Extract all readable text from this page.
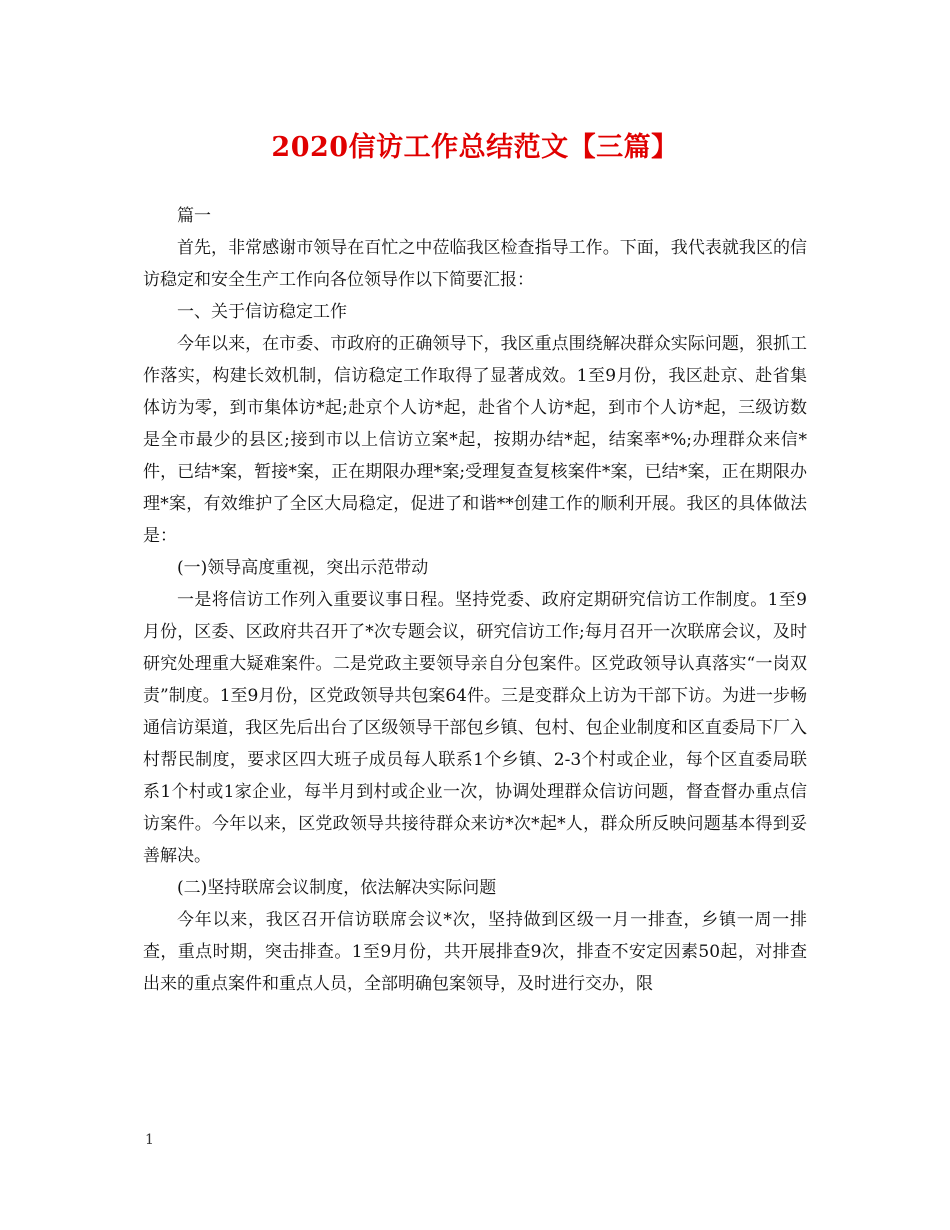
2020信访工作总结范文【三篇】

篇一

首先，非常感谢市领导在百忙之中莅临我区检查指导工作。下面，我代表就我区的信访稳定和安全生产工作向各位领导作以下简要汇报：

一、关于信访稳定工作

今年以来，在市委、市政府的正确领导下，我区重点围绕解决群众实际问题，狠抓工作落实，构建长效机制，信访稳定工作取得了显著成效。1至9月份，我区赴京、赴省集体访为零，到市集体访*起;赴京个人访*起，赴省个人访*起，到市个人访*起，三级访数是全市最少的县区;接到市以上信访立案*起，按期办结*起，结案率*%;办理群众来信*件，已结*案，暂接*案，正在期限办理*案;受理复查复核案件*案，已结*案，正在期限办理*案，有效维护了全区大局稳定，促进了和谐**创建工作的顺利开展。我区的具体做法是：

(一)领导高度重视，突出示范带动

一是将信访工作列入重要议事日程。坚持党委、政府定期研究信访工作制度。1至9月份，区委、区政府共召开了*次专题会议，研究信访工作;每月召开一次联席会议，及时研究处理重大疑难案件。二是党政主要领导亲自分包案件。区党政领导认真落实“一岗双责”制度。1至9月份，区党政领导共包案64件。三是变群众上访为干部下访。为进一步畅通信访渠道，我区先后出台了区级领导干部包乡镇、包村、包企业制度和区直委局下厂入村帮民制度，要求区四大班子成员每人联系1个乡镇、2-3个村或企业，每个区直委局联系1个村或1家企业，每半月到村或企业一次，协调处理群众信访问题，督查督办重点信访案件。今年以来，区党政领导共接待群众来访*次*起*人，群众所反映问题基本得到妥善解决。

(二)坚持联席会议制度，依法解决实际问题

今年以来，我区召开信访联席会议*次，坚持做到区级一月一排查，乡镇一周一排查，重点时期，突击排查。1至9月份，共开展排查9次，排查不安定因素50起，对排查出来的重点案件和重点人员，全部明确包案领导，及时进行交办，限

1
